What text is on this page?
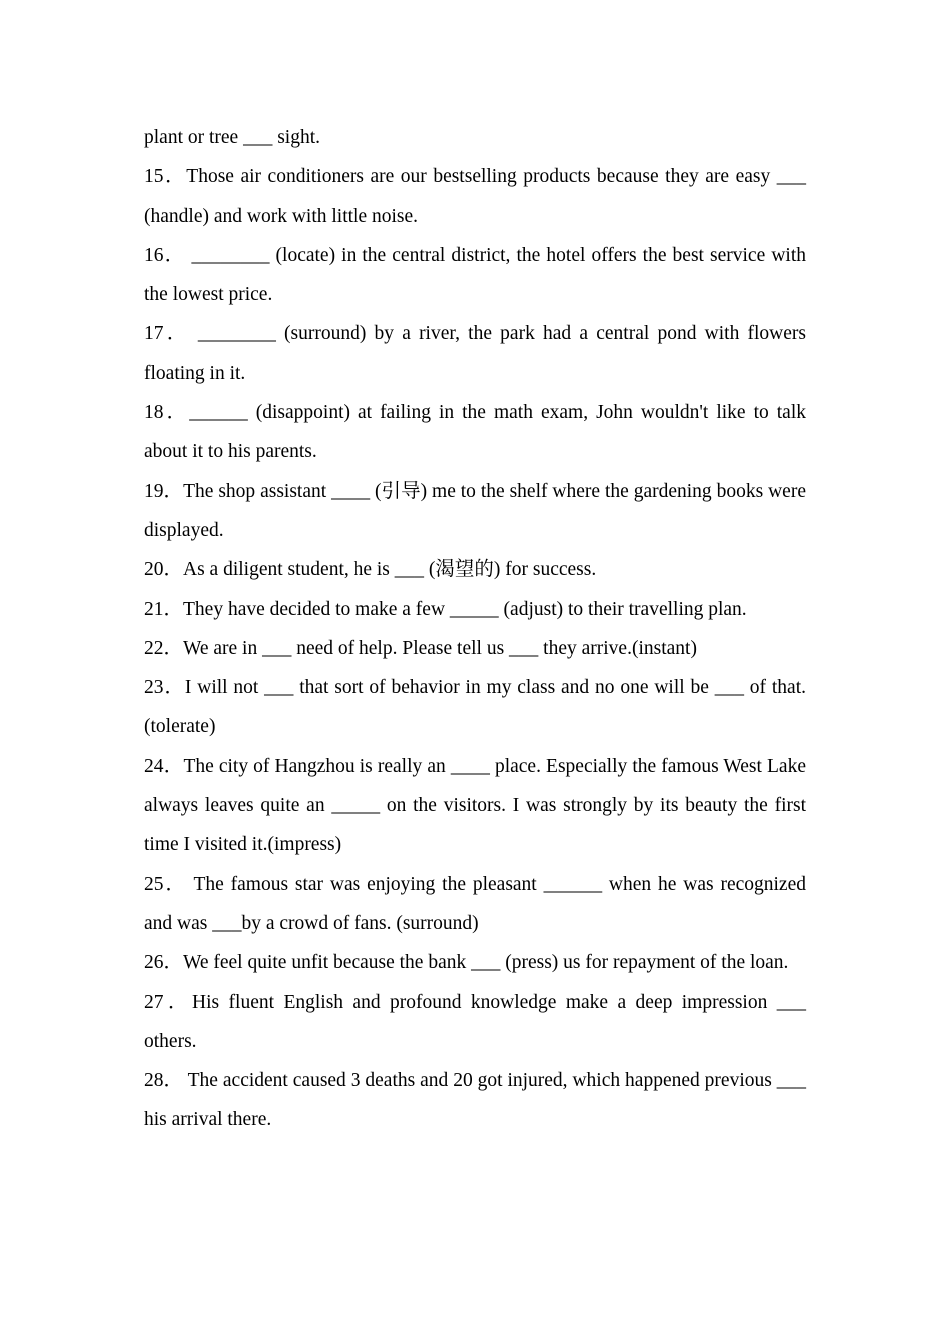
plant or tree ___ sight.

15．Those air conditioners are our bestselling products because they are easy ___ (handle) and work with little noise.

16． ________ (locate) in the central district, the hotel offers the best service with the lowest price.

17． ________ (surround) by a river, the park had a central pond with flowers floating in it.

18．______ (disappoint) at failing in the math exam, John wouldn't like to talk about it to his parents.

19．The shop assistant ____ (引导) me to the shelf where the gardening books were displayed.

20．As a diligent student, he is ___ (渴望的) for success.

21．They have decided to make a few _____ (adjust) to their travelling plan.

22．We are in ___ need of help. Please tell us ___ they arrive.(instant)

23．I will not ___ that sort of behavior in my class and no one will be ___ of that.(tolerate)

24．The city of Hangzhou is really an ____ place. Especially the famous West Lake always leaves quite an _____ on the visitors. I was strongly by its beauty the first time I visited it.(impress)

25． The famous star was enjoying the pleasant ______ when he was recognized and was ___by a crowd of fans. (surround)

26．We feel quite unfit because the bank ___ (press) us for repayment of the loan.

27．His fluent English and profound knowledge make a deep impression ___ others.

28． The accident caused 3 deaths and 20 got injured, which happened previous ___ his arrival there.
